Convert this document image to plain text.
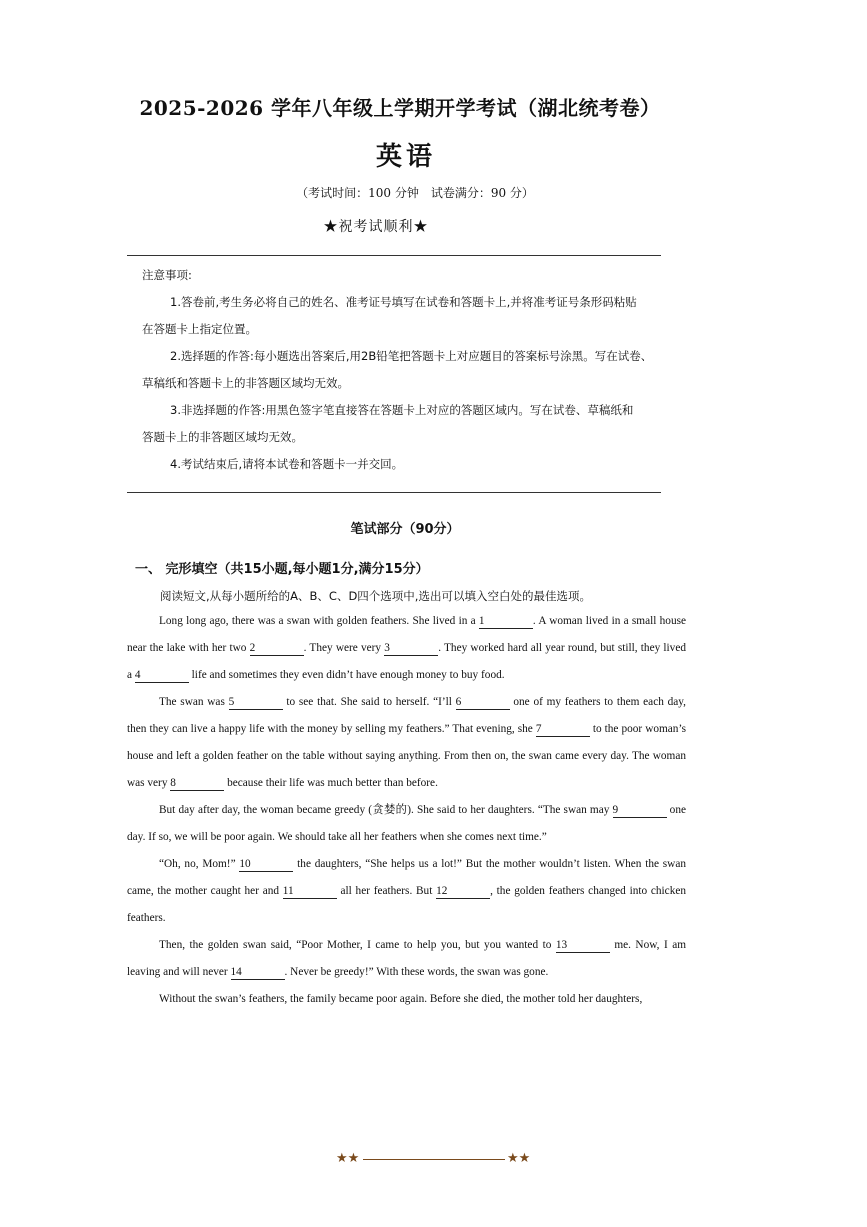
2025-2026 学年八年级上学期开学考试（湖北统考卷）
英语
（考试时间：100 分钟　试卷满分：90 分）
★祝考试顺利★
注意事项:
1.答卷前,考生务必将自己的姓名、准考证号填写在试卷和答题卡上,并将准考证号条形码粘贴
在答题卡上指定位置。
2.选择题的作答:每小题选出答案后,用2B铅笔把答题卡上对应题目的答案标号涂黑。写在试卷、
草稿纸和答题卡上的非答题区域均无效。
3.非选择题的作答:用黑色签字笔直接答在答题卡上对应的答题区域内。写在试卷、草稿纸和
答题卡上的非答题区域均无效。
4.考试结束后,请将本试卷和答题卡一并交回。
笔试部分（90分）
一、 完形填空（共15小题,每小题1分,满分15分）
阅读短文,从每小题所给的A、B、C、D四个选项中,选出可以填入空白处的最佳选项。

Long long ago, there was a swan with golden feathers. She lived in a 1	. A woman lived in a small house near the lake with her two 2	. They were very 3	. They worked hard all year round, but still, they lived a 4	life and sometimes they even didn’t have enough money to buy food.

The swan was 5	to see that. She said to herself. “I’ll 6	one of my feathers to them each day, then they can live a happy life with the money by selling my feathers.” That evening, she 7	to the poor woman’s house and left a golden feather on the table without saying anything. From then on, the swan came every day. The woman was very 8	because their life was much better than before.

But day after day, the woman became greedy (贪婪的). She said to her daughters. “The swan may 9	one day. If so, we will be poor again. We should take all her feathers when she comes next time.”

“Oh, no, Mom!” 10	the daughters, “She helps us a lot!” But the mother wouldn’t listen. When the swan came, the mother caught her and 11	all her feathers. But 12	, the golden feathers changed into chicken feathers.

Then, the golden swan said, “Poor Mother, I came to help you, but you wanted to 13	me. Now, I am leaving and will never 14	. Never be greedy!” With these words, the swan was gone.

Without the swan’s feathers, the family became poor again. Before she died, the mother told her daughters,

★★	★★
